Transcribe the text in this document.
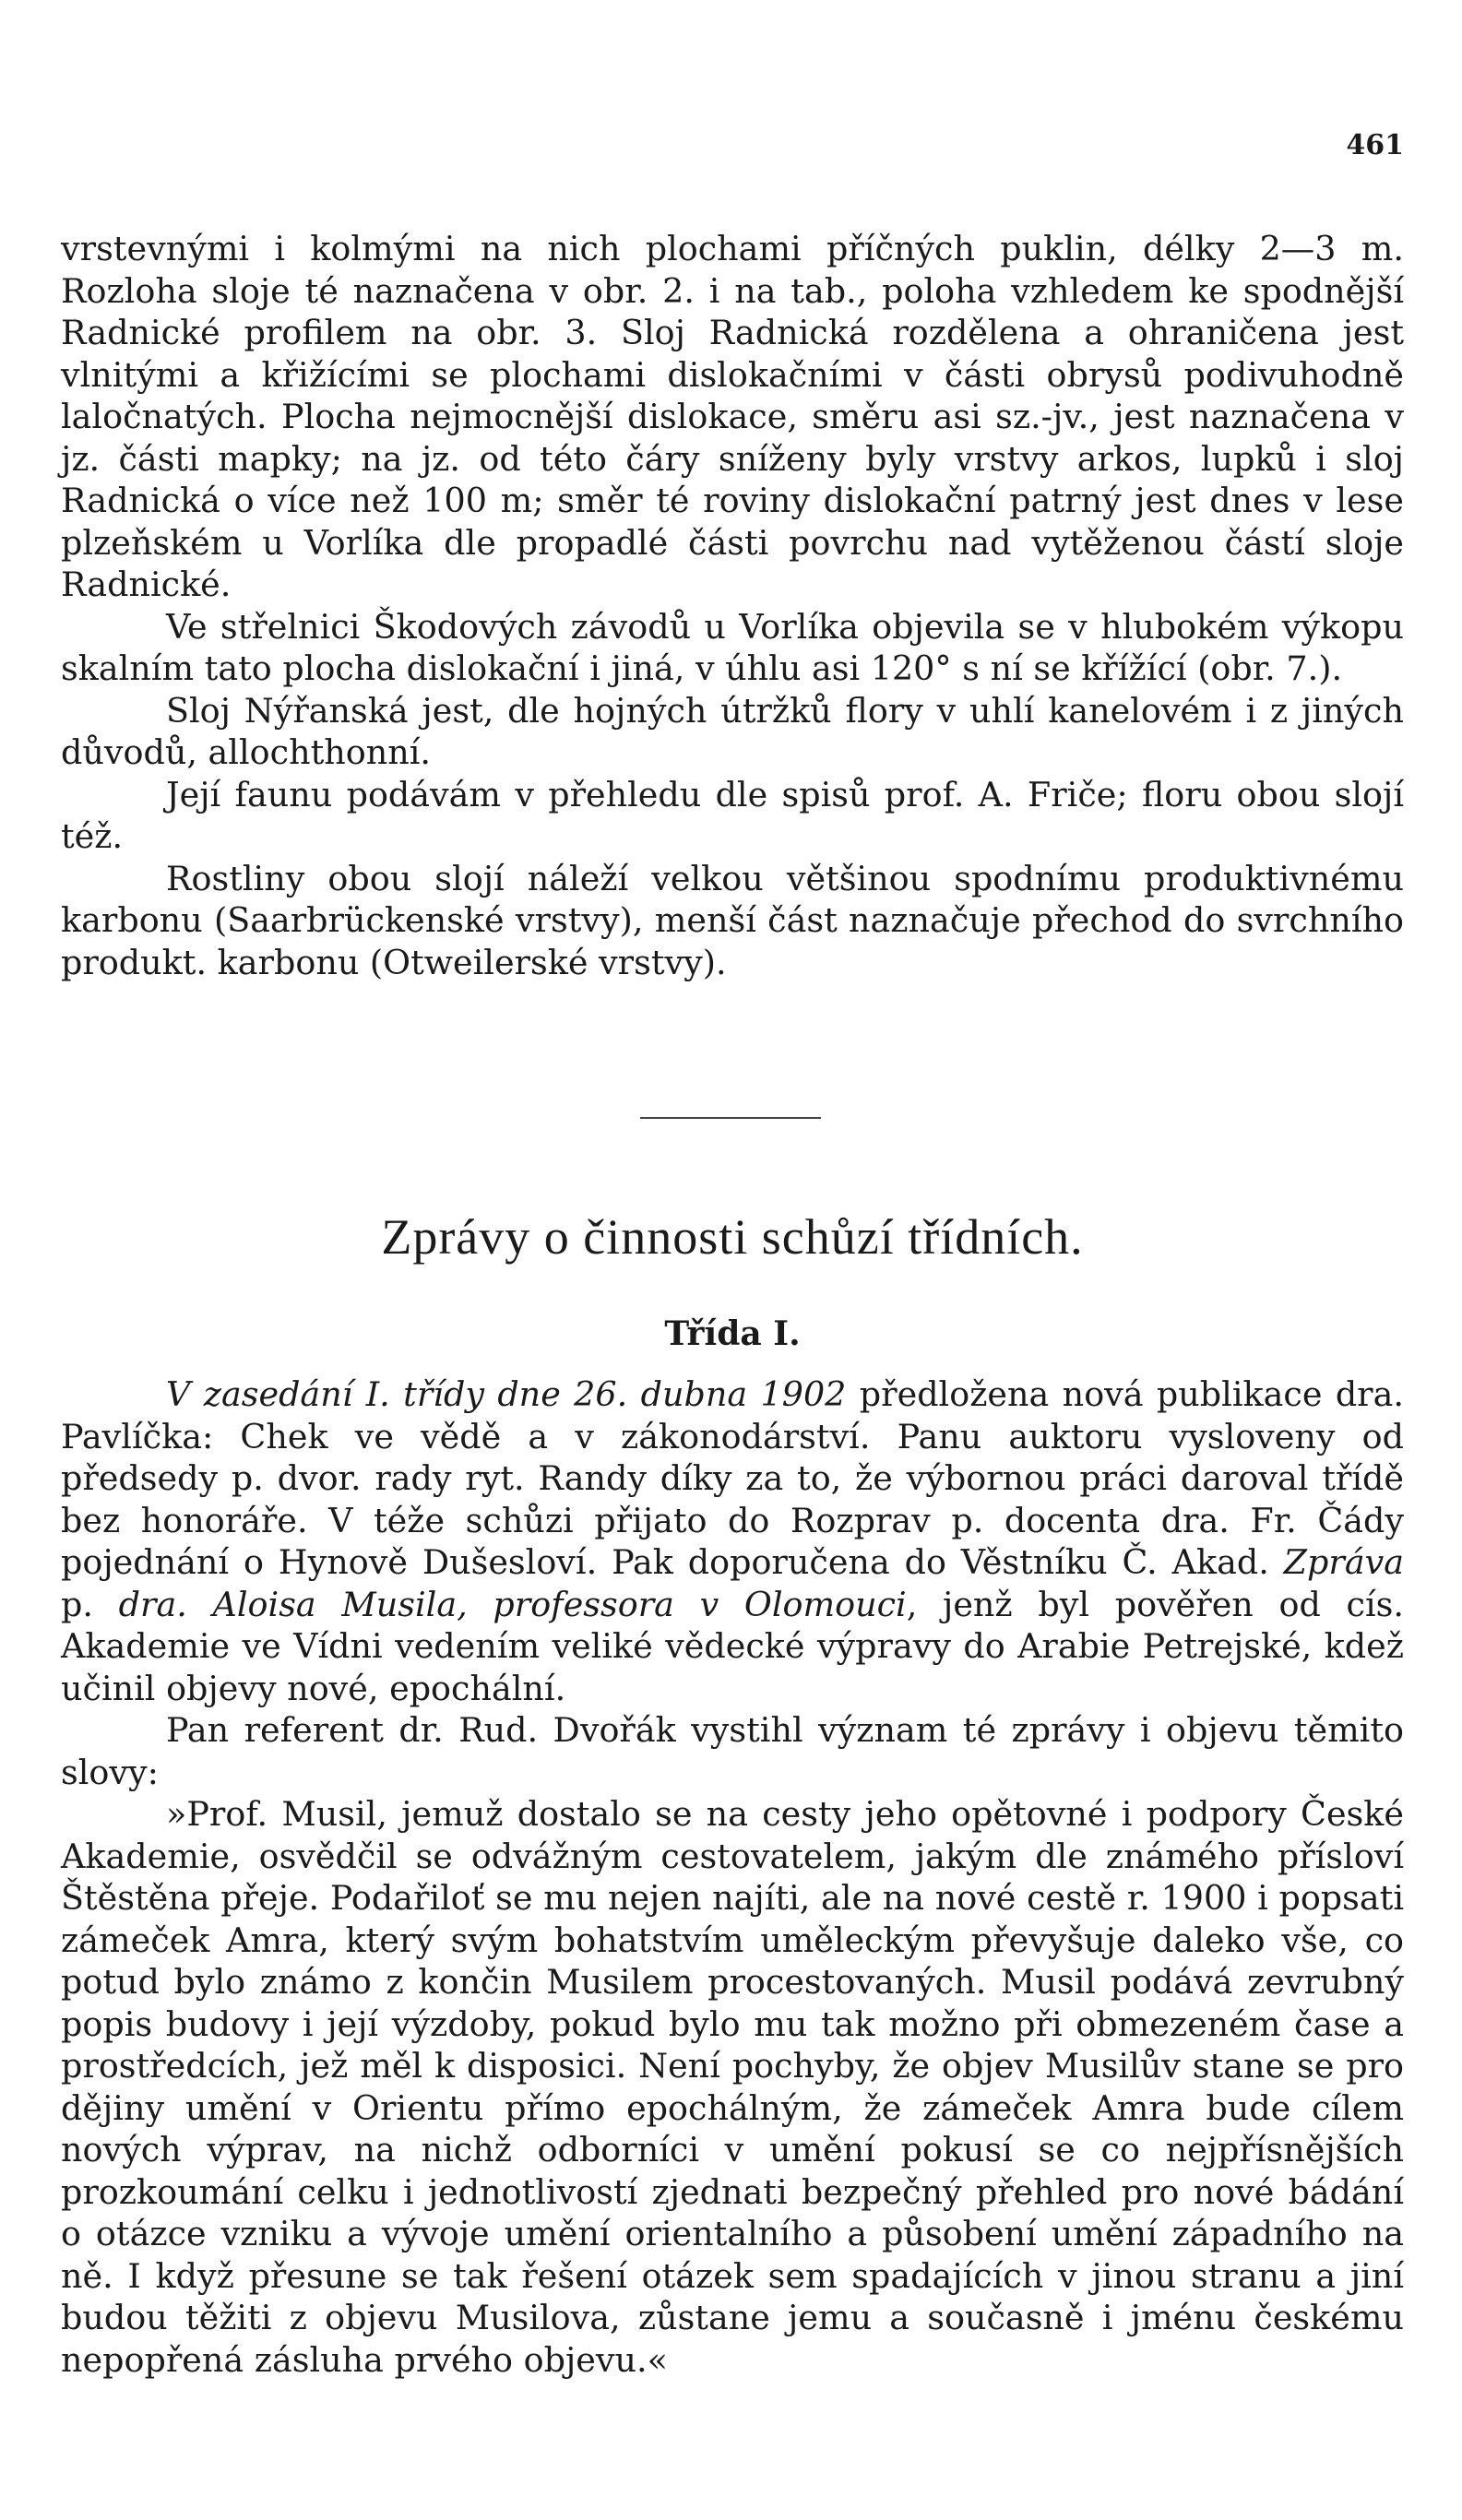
461

vrstevnými i kolmými na nich plochami příčných puklin, délky 2—3 m. Rozloha sloje té naznačena v obr. 2. i na tab., poloha vzhledem ke spodnější Radnické profilem na obr. 3. Sloj Radnická rozdělena a ohraničena jest vlnitými a křižícími se plochami dislokačními v části obrysů podivuhodně laločnatých. Plocha nejmocnější dislokace, směru asi sz.-jv., jest naznačena v jz. části mapky; na jz. od této čáry sníženy byly vrstvy arkos, lupků i sloj Radnická o více než 100 m; směr té roviny dislokační patrný jest dnes v lese plzeňském u Vorlíka dle propadlé části povrchu nad vytěženou částí sloje Radnické.

Ve střelnici Škodových závodů u Vorlíka objevila se v hlubokém výkopu skalním tato plocha dislokační i jiná, v úhlu asi 120° s ní se křížící (obr. 7.).

Sloj Nýřanská jest, dle hojných útržků flory v uhlí kanelovém i z jiných důvodů, allochthonní.

Její faunu podávám v přehledu dle spisů prof. A. Friče; floru obou slojí též.

Rostliny obou slojí náleží velkou většinou spodnímu produktivnému karbonu (Saarbrückenské vrstvy), menší část naznačuje přechod do svrchního produkt. karbonu (Otweilerské vrstvy).

Zprávy o činnosti schůzí třídních.
Třída I.

V zasedání I. třídy dne 26. dubna 1902 předložena nová publikace dra. Pavlíčka: Chek ve vědě a v zákonodárství. Panu auktoru vysloveny od předsedy p. dvor. rady ryt. Randy díky za to, že výbornou práci daroval třídě bez honoráře. V téže schůzi přijato do Rozprav p. docenta dra. Fr. Čády pojednání o Hynově Dušesloví. Pak doporučena do Věstníku Č. Akad. Zpráva p. dra. Aloisa Musila, professora v Olomouci, jenž byl pověřen od cís. Akademie ve Vídni vedením veliké vědecké výpravy do Arabie Petrejské, kdež učinil objevy nové, epochální.

Pan referent dr. Rud. Dvořák vystihl význam té zprávy i objevu těmito slovy:

»Prof. Musil, jemuž dostalo se na cesty jeho opětovné i podpory České Akademie, osvědčil se odvážným cestovatelem, jakým dle známého přísloví Štěstěna přeje. Podařiloť se mu nejen najíti, ale na nové cestě r. 1900 i popsati zámeček Amra, který svým bohatstvím uměleckým převyšuje daleko vše, co potud bylo známo z končin Musilem procestovaných. Musil podává zevrubný popis budovy i její výzdoby, pokud bylo mu tak možno při obmezeném čase a prostředcích, jež měl k disposici. Není pochyby, že objev Musilův stane se pro dějiny umění v Orientu přímo epochálným, že zámeček Amra bude cílem nových výprav, na nichž odborníci v umění pokusí se co nejpřísnějších prozkoumání celku i jednotlivostí zjednati bezpečný přehled pro nové bádání o otázce vzniku a vývoje umění orientalního a působení umění západního na ně. I když přesune se tak řešení otázek sem spadajících v jinou stranu a jiní budou těžiti z objevu Musilova, zůstane jemu a současně i jménu českému nepopřená zásluha prvého objevu.«
